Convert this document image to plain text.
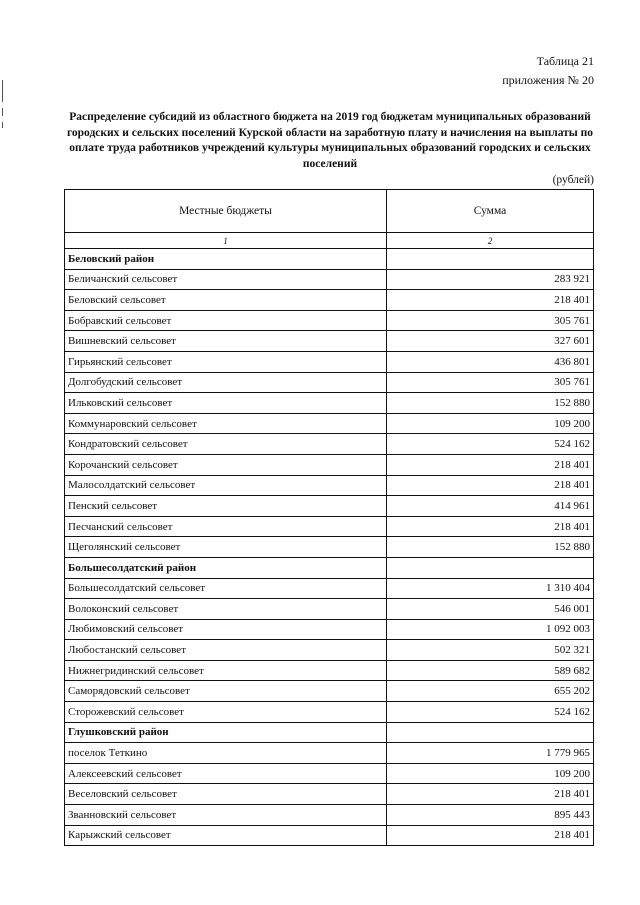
Таблица 21
приложения № 20
Распределение субсидий из областного бюджета на 2019 год бюджетам муниципальных образований городских и сельских поселений Курской области на заработную плату и начисления на выплаты по оплате труда работников учреждений культуры муниципальных образований городских и сельских поселений
(рублей)
Местные бюджеты	Сумма
1	2
Беловский район	
Беличанский сельсовет	283 921
Беловский сельсовет	218 401
Бобравский сельсовет	305 761
Вишневский сельсовет	327 601
Гирьянский сельсовет	436 801
Долгобудский сельсовет	305 761
Ильковский сельсовет	152 880
Коммунаровский сельсовет	109 200
Кондратовский сельсовет	524 162
Корочанский сельсовет	218 401
Малосолдатский сельсовет	218 401
Пенский сельсовет	414 961
Песчанский сельсовет	218 401
Щеголянский сельсовет	152 880
Большесолдатский район	
Большесолдатский сельсовет	1 310 404
Волоконский сельсовет	546 001
Любимовский сельсовет	1 092 003
Любостанский сельсовет	502 321
Нижнегридинский сельсовет	589 682
Саморядовский сельсовет	655 202
Сторожевский сельсовет	524 162
Глушковский район	
поселок Теткино	1 779 965
Алексеевский сельсовет	109 200
Веселовский сельсовет	218 401
Званновский сельсовет	895 443
Карыжский сельсовет	218 401
